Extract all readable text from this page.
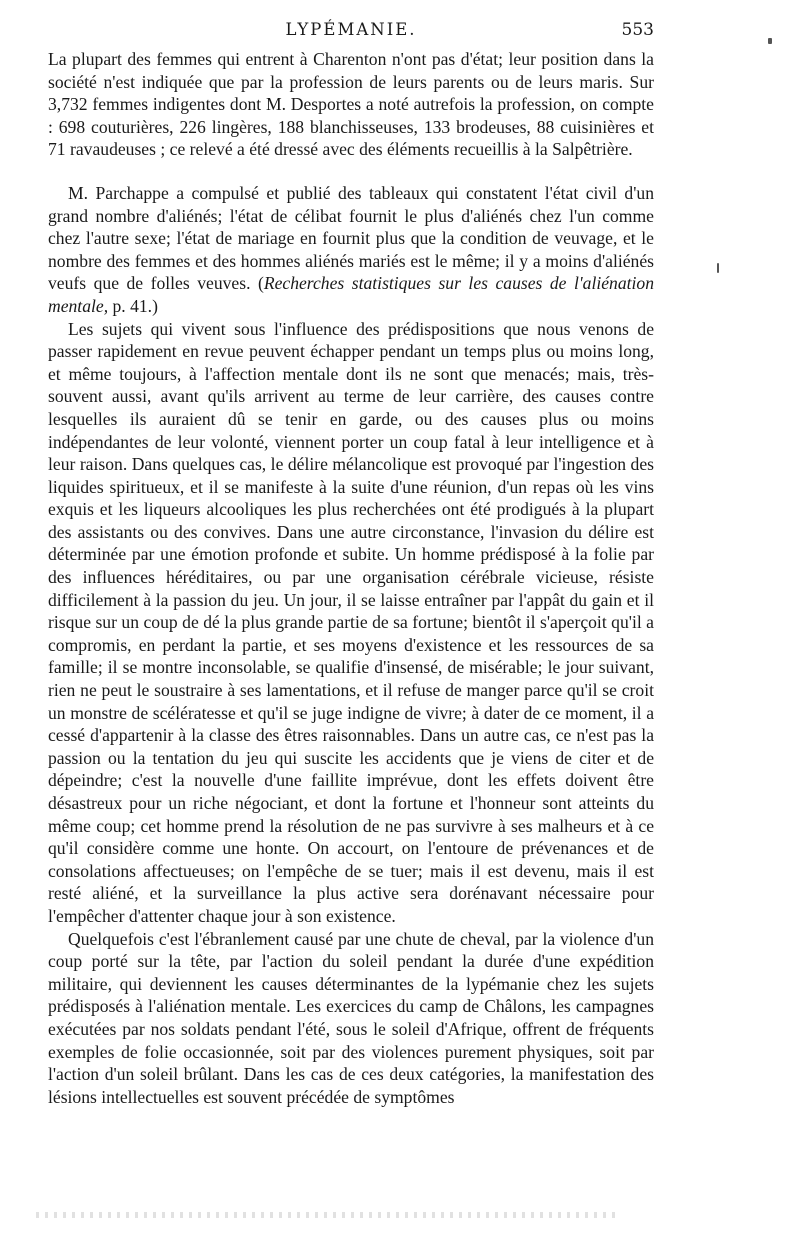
LYPÉMANIE.	553

La plupart des femmes qui entrent à Charenton n'ont pas d'état; leur position dans la société n'est indiquée que par la profession de leurs parents ou de leurs maris. Sur 3,732 femmes indigentes dont M. Desportes a noté autrefois la profession, on compte : 698 couturières, 226 lingères, 188 blanchisseuses, 133 brodeuses, 88 cuisinières et 71 ravaudeuses ; ce relevé a été dressé avec des éléments recueillis à la Salpêtrière.

M. Parchappe a compulsé et publié des tableaux qui constatent l'état civil d'un grand nombre d'aliénés; l'état de célibat fournit le plus d'aliénés chez l'un comme chez l'autre sexe; l'état de mariage en fournit plus que la condition de veuvage, et le nombre des femmes et des hommes aliénés mariés est le même; il y a moins d'aliénés veufs que de folles veuves. (Recherches statistiques sur les causes de l'aliénation mentale, p. 41.)

Les sujets qui vivent sous l'influence des prédispositions que nous venons de passer rapidement en revue peuvent échapper pendant un temps plus ou moins long, et même toujours, à l'affection mentale dont ils ne sont que menacés; mais, très-souvent aussi, avant qu'ils arrivent au terme de leur carrière, des causes contre lesquelles ils auraient dû se tenir en garde, ou des causes plus ou moins indépendantes de leur volonté, viennent porter un coup fatal à leur intelligence et à leur raison. Dans quelques cas, le délire mélancolique est provoqué par l'ingestion des liquides spiritueux, et il se manifeste à la suite d'une réunion, d'un repas où les vins exquis et les liqueurs alcooliques les plus recherchées ont été prodigués à la plupart des assistants ou des convives. Dans une autre circonstance, l'invasion du délire est déterminée par une émotion profonde et subite. Un homme prédisposé à la folie par des influences héréditaires, ou par une organisation cérébrale vicieuse, résiste difficilement à la passion du jeu. Un jour, il se laisse entraîner par l'appât du gain et il risque sur un coup de dé la plus grande partie de sa fortune; bientôt il s'aperçoit qu'il a compromis, en perdant la partie, et ses moyens d'existence et les ressources de sa famille; il se montre inconsolable, se qualifie d'insensé, de misérable; le jour suivant, rien ne peut le soustraire à ses lamentations, et il refuse de manger parce qu'il se croit un monstre de scélératesse et qu'il se juge indigne de vivre; à dater de ce moment, il a cessé d'appartenir à la classe des êtres raisonnables. Dans un autre cas, ce n'est pas la passion ou la tentation du jeu qui suscite les accidents que je viens de citer et de dépeindre; c'est la nouvelle d'une faillite imprévue, dont les effets doivent être désastreux pour un riche négociant, et dont la fortune et l'honneur sont atteints du même coup; cet homme prend la résolution de ne pas survivre à ses malheurs et à ce qu'il considère comme une honte. On accourt, on l'entoure de prévenances et de consolations affectueuses; on l'empêche de se tuer; mais il est devenu, mais il est resté aliéné, et la surveillance la plus active sera dorénavant nécessaire pour l'empêcher d'attenter chaque jour à son existence.

Quelquefois c'est l'ébranlement causé par une chute de cheval, par la violence d'un coup porté sur la tête, par l'action du soleil pendant la durée d'une expédition militaire, qui deviennent les causes déterminantes de la lypémanie chez les sujets prédisposés à l'aliénation mentale. Les exercices du camp de Châlons, les campagnes exécutées par nos soldats pendant l'été, sous le soleil d'Afrique, offrent de fréquents exemples de folie occasionnée, soit par des violences purement physiques, soit par l'action d'un soleil brûlant. Dans les cas de ces deux catégories, la manifestation des lésions intellectuelles est souvent précédée de symptômes
